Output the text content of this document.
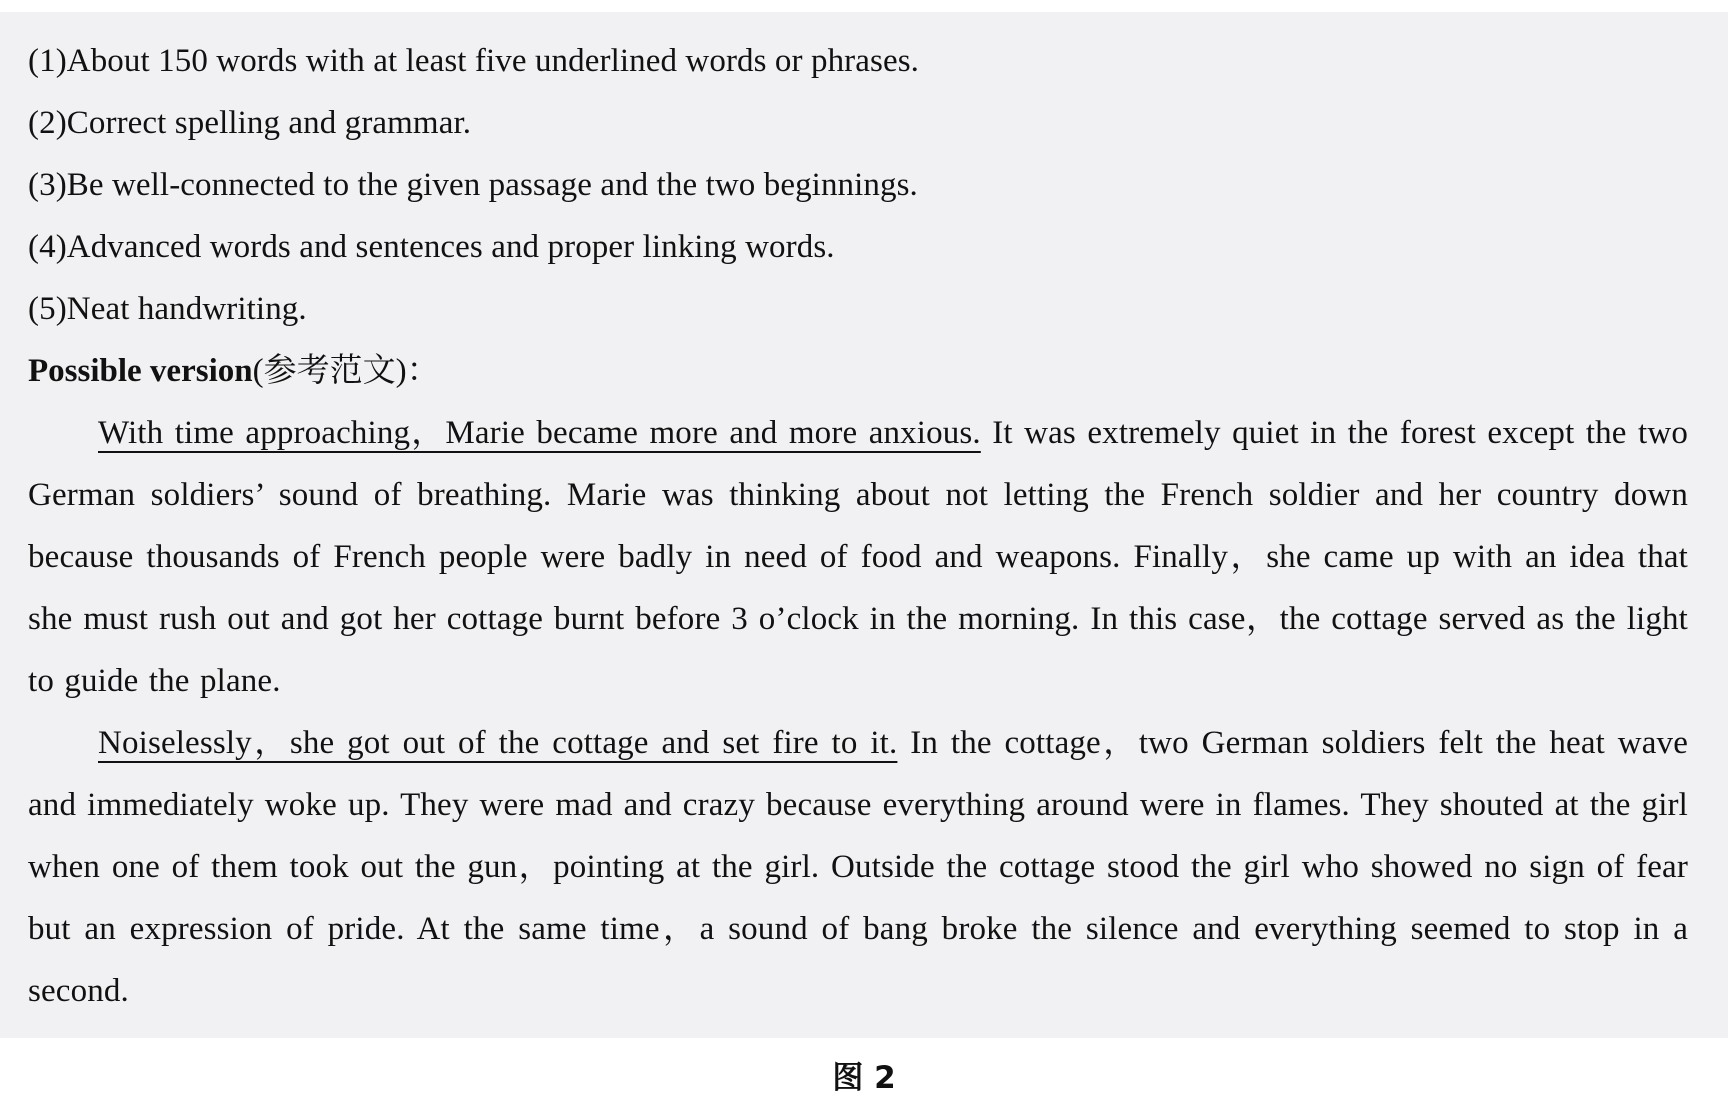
(1)About 150 words with at least five underlined words or phrases.
(2)Correct spelling and grammar.
(3)Be well-connected to the given passage and the two beginnings.
(4)Advanced words and sentences and proper linking words.
(5)Neat handwriting.
Possible version(参考范文)：

With time approaching，Marie became more and more anxious. It was extremely quiet in the forest except the two German soldiers’ sound of breathing. Marie was thinking about not letting the French soldier and her country down because thousands of French people were badly in need of food and weapons. Finally，she came up with an idea that she must rush out and got her cottage burnt before 3 o’clock in the morning. In this case，the cottage served as the light to guide the plane.

Noiselessly，she got out of the cottage and set fire to it. In the cottage，two German soldiers felt the heat wave and immediately woke up. They were mad and crazy because everything around were in flames. They shouted at the girl when one of them took out the gun，pointing at the girl. Outside the cottage stood the girl who showed no sign of fear but an expression of pride. At the same time，a sound of bang broke the silence and everything seemed to stop in a second.

图 2
